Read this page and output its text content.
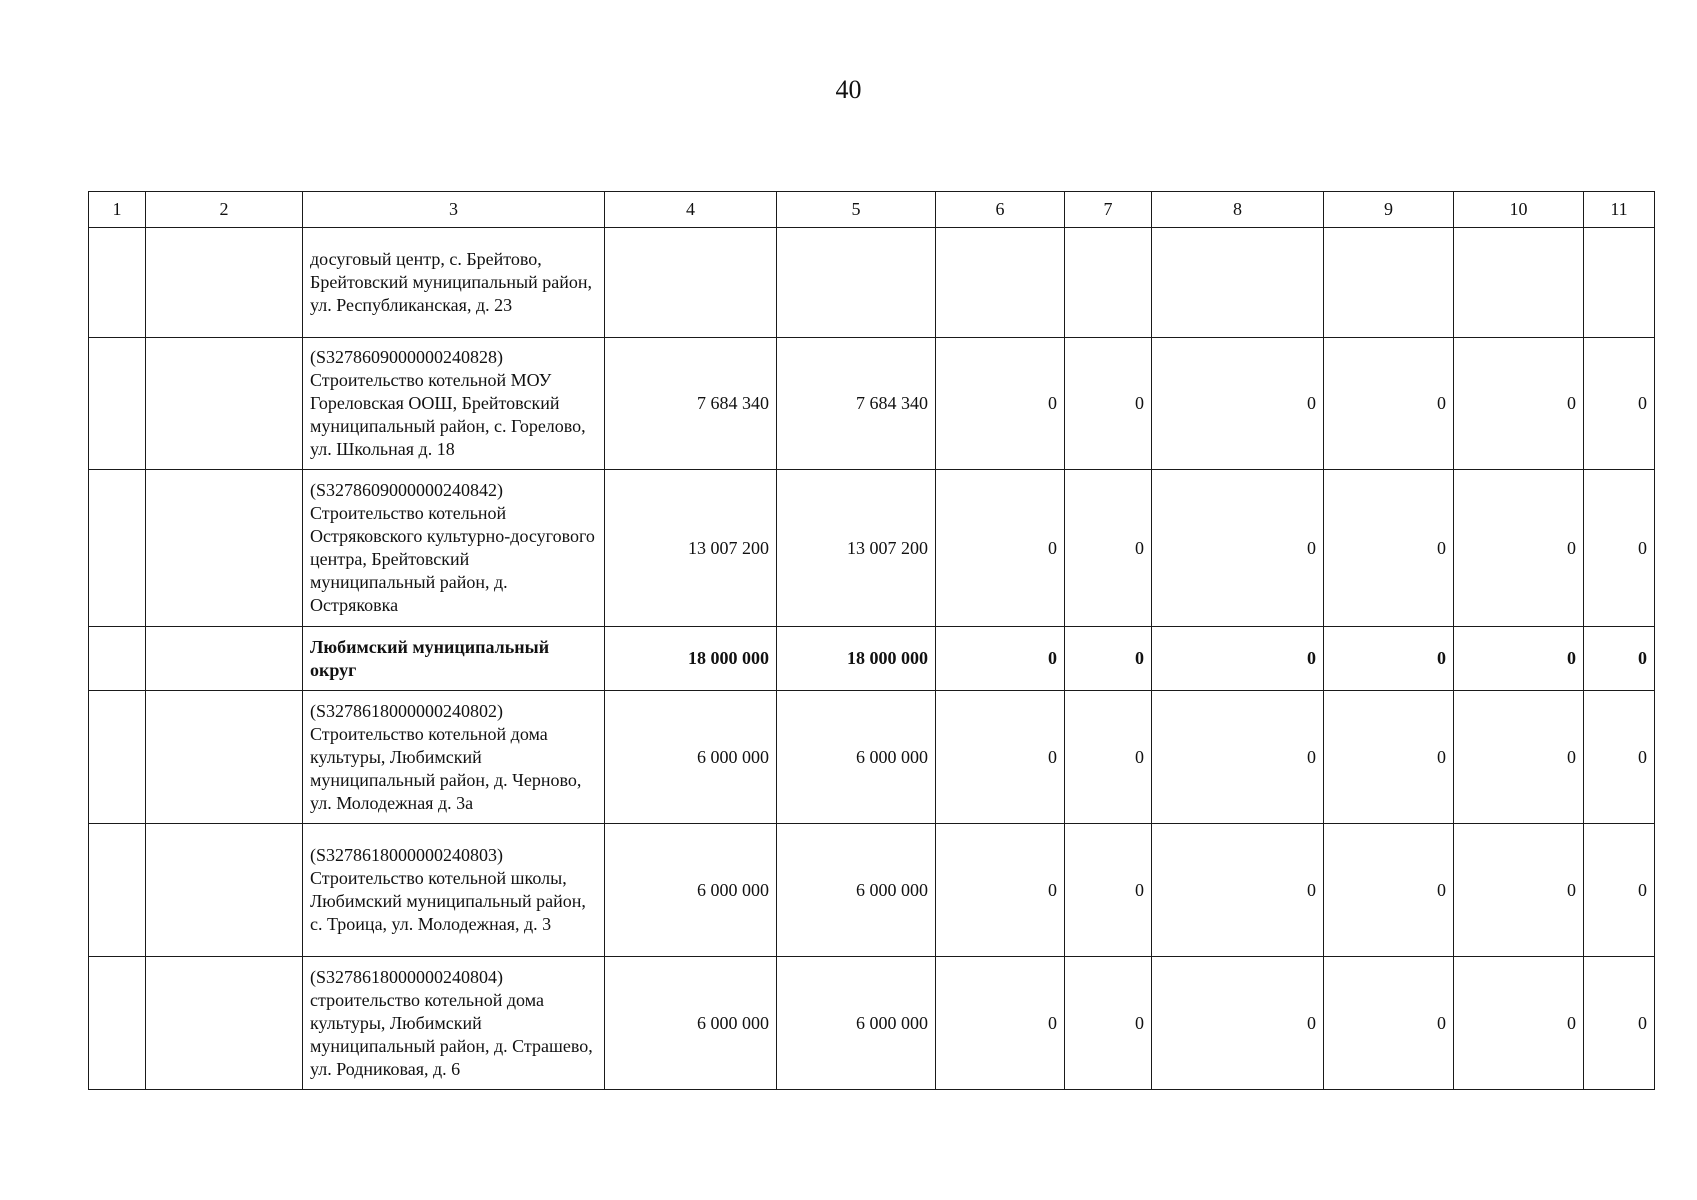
40
1	2	3	4	5	6	7	8	9	10	11
		досуговый центр, с. Брейтово, Брейтовский муниципальный район, ул. Республиканская, д. 23								
		(S3278609000000240828) Строительство котельной МОУ Гореловская ООШ, Брейтовский муниципальный район, с. Горелово, ул. Школьная д. 18	7 684 340	7 684 340	0	0	0	0	0	0
		(S3278609000000240842) Строительство котельной Остряковского культурно-досугового центра, Брейтовский муниципальный район, д. Остряковка	13 007 200	13 007 200	0	0	0	0	0	0
		Любимский муниципальный округ	18 000 000	18 000 000	0	0	0	0	0	0
		(S3278618000000240802) Строительство котельной дома культуры, Любимский муниципальный район, д. Черново, ул. Молодежная д. 3а	6 000 000	6 000 000	0	0	0	0	0	0
		(S3278618000000240803) Строительство котельной школы, Любимский муниципальный район, с. Троица, ул. Молодежная, д. 3	6 000 000	6 000 000	0	0	0	0	0	0
		(S3278618000000240804) строительство котельной дома культуры, Любимский муниципальный район, д. Страшево, ул. Родниковая, д. 6	6 000 000	6 000 000	0	0	0	0	0	0
